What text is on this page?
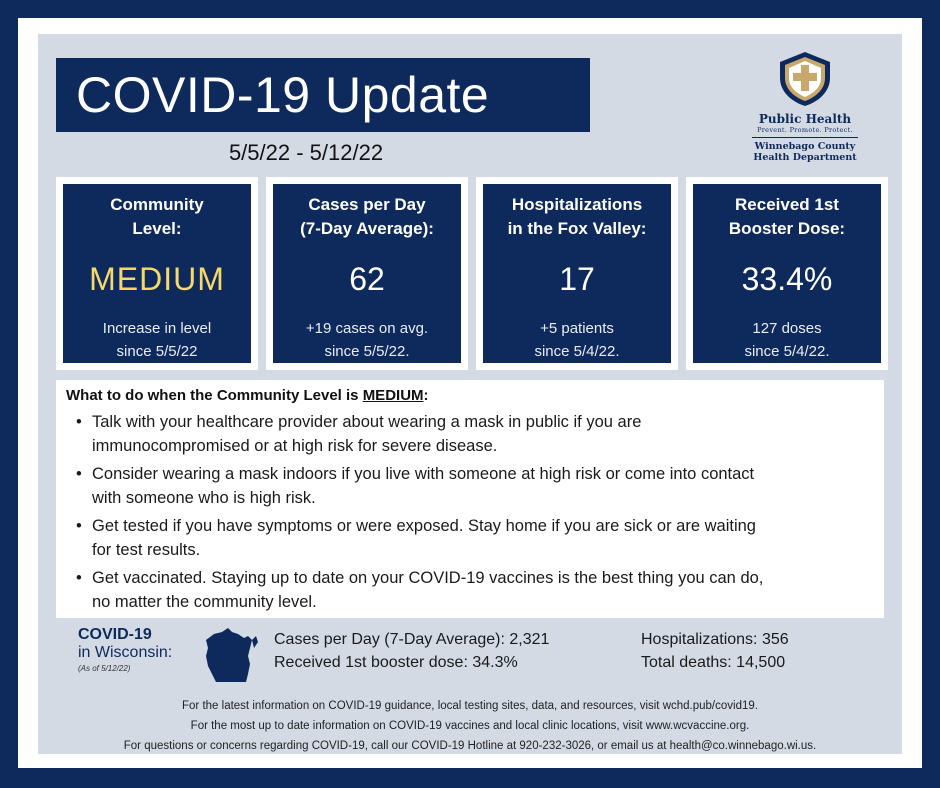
COVID-19 Update
5/5/22 - 5/12/22
Public Health
Prevent. Promote. Protect.
Winnebago County
Health Department
Community
Level:
MEDIUM
Increase in level
since 5/5/22
Cases per Day
(7-Day Average):
62
+19 cases on avg.
since 5/5/22.
Hospitalizations
in the Fox Valley:
17
+5 patients
since 5/4/22.
Received 1st
Booster Dose:
33.4%
127 doses
since 5/4/22.
What to do when the Community Level is MEDIUM:
• Talk with your healthcare provider about wearing a mask in public if you are
immunocompromised or at high risk for severe disease.
• Consider wearing a mask indoors if you live with someone at high risk or come into contact
with someone who is high risk.
• Get tested if you have symptoms or were exposed. Stay home if you are sick or are waiting
for test results.
• Get vaccinated. Staying up to date on your COVID-19 vaccines is the best thing you can do,
no matter the community level.
COVID-19
in Wisconsin:
(As of 5/12/22)
Cases per Day (7-Day Average): 2,321
Received 1st booster dose: 34.3%
Hospitalizations: 356
Total deaths: 14,500
For the latest information on COVID-19 guidance, local testing sites, data, and resources, visit wchd.pub/covid19.
For the most up to date information on COVID-19 vaccines and local clinic locations, visit www.wcvaccine.org.
For questions or concerns regarding COVID-19, call our COVID-19 Hotline at 920-232-3026, or email us at health@co.winnebago.wi.us.
